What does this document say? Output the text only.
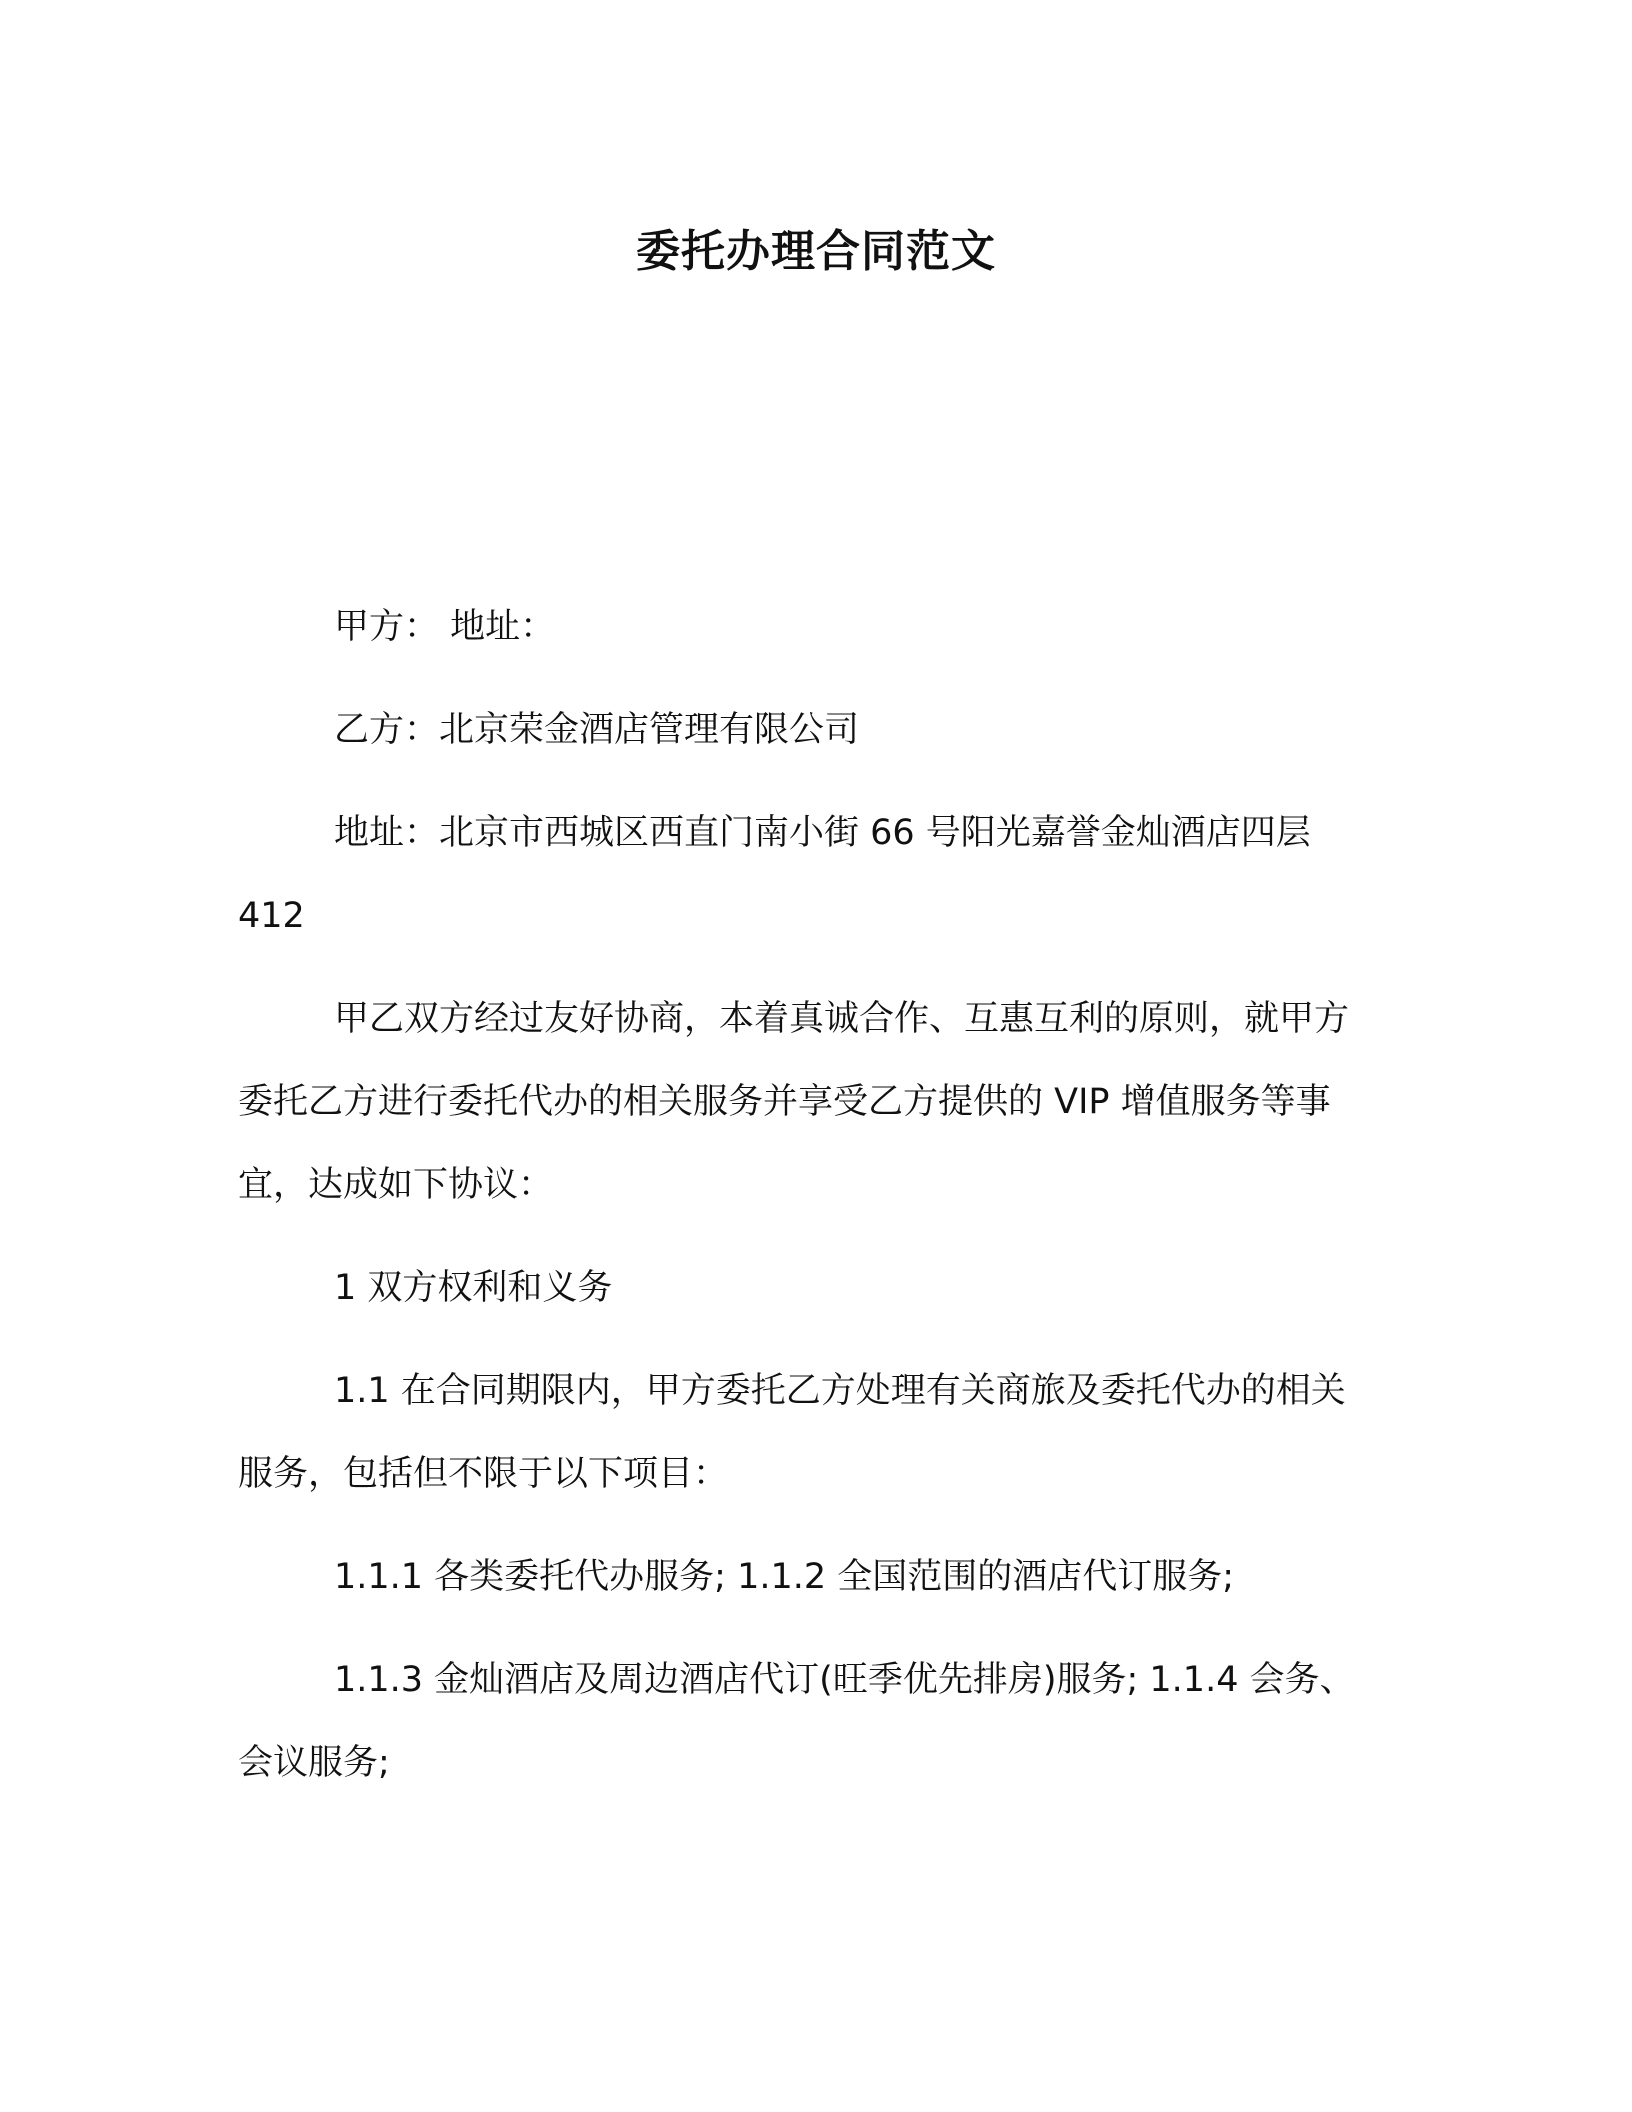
委托办理合同范文

甲方： 地址：

乙方：北京荣金酒店管理有限公司

地址：北京市西城区西直门南小街 66 号阳光嘉誉金灿酒店四层 412

甲乙双方经过友好协商，本着真诚合作、互惠互利的原则，就甲方委托乙方进行委托代办的相关服务并享受乙方提供的 VIP 增值服务等事宜，达成如下协议：

1 双方权利和义务

1.1 在合同期限内，甲方委托乙方处理有关商旅及委托代办的相关服务，包括但不限于以下项目：

1.1.1 各类委托代办服务; 1.1.2 全国范围的酒店代订服务;

1.1.3 金灿酒店及周边酒店代订(旺季优先排房)服务; 1.1.4 会务、会议服务;
